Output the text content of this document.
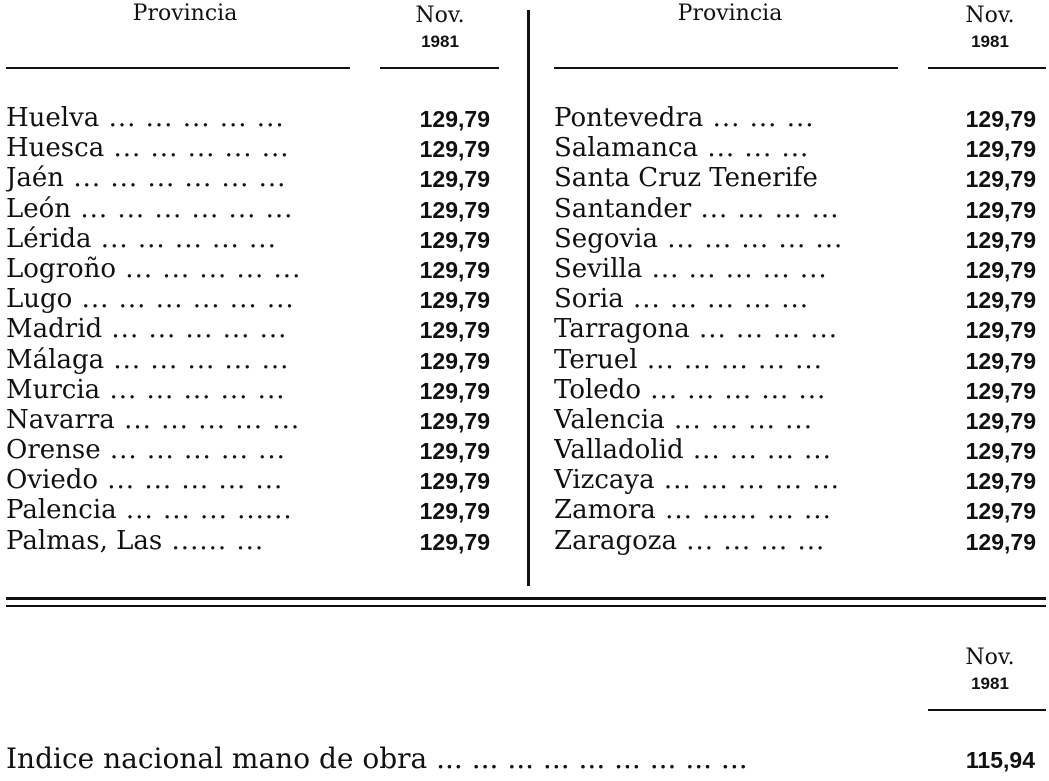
Provincia	Nov.
1981
Provincia	Nov.
1981
Huelva ... ... ... ... ...	129,79
Huesca ... ... ... ... ...	129,79
Jaén ... ... ... ... ... ...	129,79
León ... ... ... ... ... ...	129,79
Lérida ... ... ... ... ...	129,79
Logroño ... ... ... ... ...	129,79
Lugo ... ... ... ... ... ...	129,79
Madrid ... ... ... ... ...	129,79
Málaga ... ... ... ... ...	129,79
Murcia ... ... ... ... ...	129,79
Navarra ... ... ... ... ...	129,79
Orense ... ... ... ... ...	129,79
Oviedo ... ... ... ... ...	129,79
Palencia ... ... ... ......	129,79
Palmas, Las ...... ...	129,79
Pontevedra ... ... ...	129,79
Salamanca ... ... ...	129,79
Santa Cruz Tenerife	129,79
Santander ... ... ... ...	129,79
Segovia ... ... ... ... ...	129,79
Sevilla ... ... ... ... ...	129,79
Soria ... ... ... ... ...	129,79
Tarragona ... ... ... ...	129,79
Teruel ... ... ... ... ...	129,79
Toledo ... ... ... ... ...	129,79
Valencia ... ... ... ...	129,79
Valladolid ... ... ... ...	129,79
Vizcaya ... ... ... ... ...	129,79
Zamora ... ...... ... ...	129,79
Zaragoza ... ... ... ...	129,79
Nov.
1981
Indice nacional mano de obra ... ... ... ... ... ... ... ... ...	115,94
